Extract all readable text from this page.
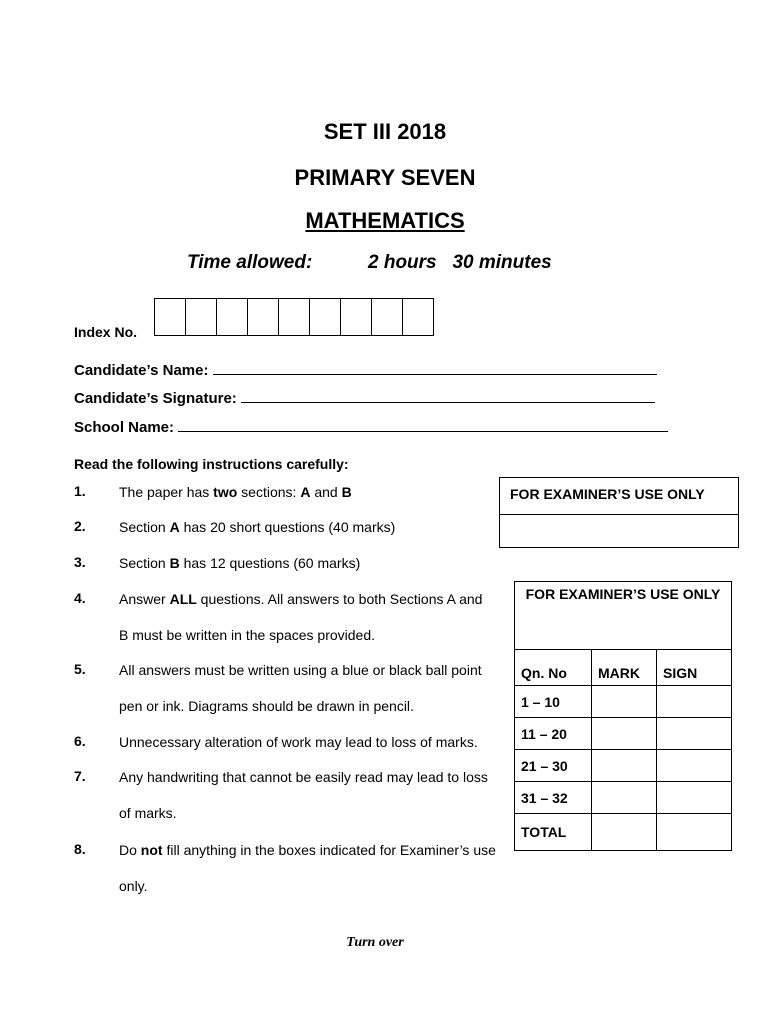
SET III 2018
PRIMARY SEVEN
MATHEMATICS
Time allowed:	2 hours   30 minutes
Index No.
Candidate’s Name:
Candidate’s Signature:
School Name:
Read the following instructions carefully:
1. The paper has two sections: A and B
2. Section A has 20 short questions (40 marks)
3. Section B has 12 questions (60 marks)
4. Answer ALL questions. All answers to both Sections A and B must be written in the spaces provided.
5. All answers must be written using a blue or black ball point pen or ink. Diagrams should be drawn in pencil.
6. Unnecessary alteration of work may lead to loss of marks.
7. Any handwriting that cannot be easily read may lead to loss of marks.
8. Do not fill anything in the boxes indicated for Examiner’s use only.
FOR EXAMINER’S USE ONLY
FOR EXAMINER’S USE ONLY
Qn. No	MARK	SIGN
1 – 10		
11 – 20		
21 – 30		
31 – 32		
TOTAL		
Turn over
